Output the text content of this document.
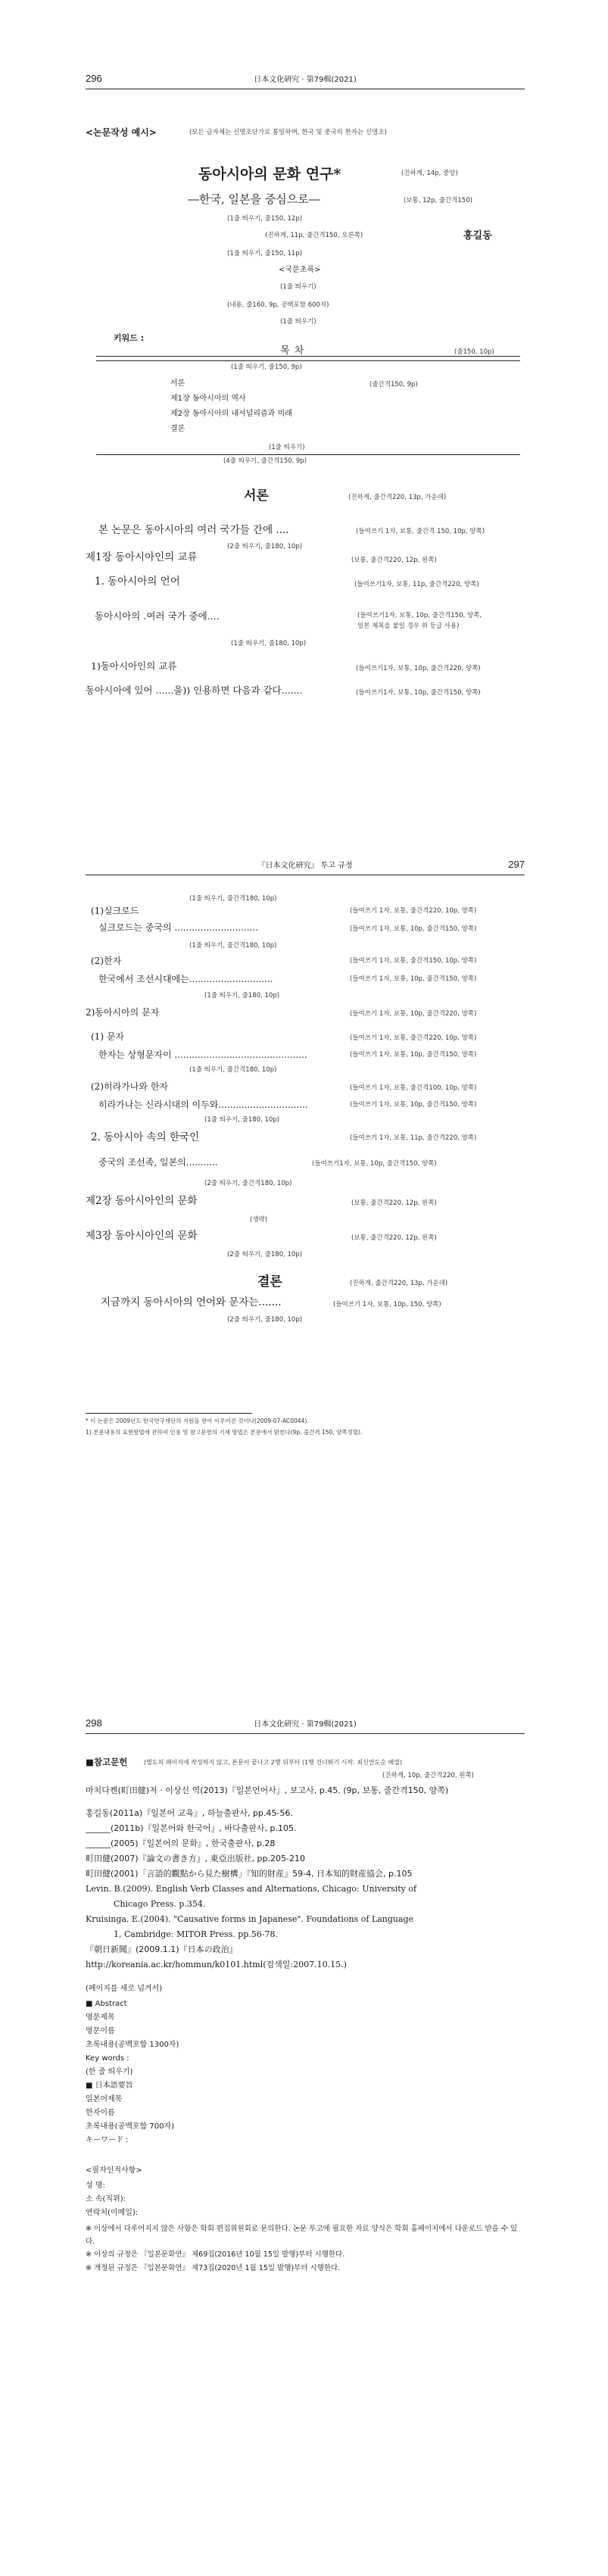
296	日本文化硏究 · 第79輯(2021)
<논문작성 예시>	(모든 글자체는 신명조단가로 통일하며, 한국 및 중국의 한자는 신명조)
동아시아의 문화 연구*	(진하게, 14p, 중앙)
―한국, 일본을 중심으로―	(보통, 12p, 줄간격150)
(1줄 띄우기, 줄150, 12p)
(진하게, 11p, 줄간격150, 오른쪽)	홍길동
(1줄 띄우기, 줄150, 11p)
<국문초록>
(1줄 띄우기)
(내용, 줄160, 9p, 공백포함 600자)
(1줄 띄우기)
키워드 :
목 차	(줄150, 10p)
(1줄 띄우기, 줄150, 9p)
서론	(줄간격150, 9p)
제1장 동아시아의 역사
제2장 동아시아의 내셔널리즘과 미래
결론
(1줄 띄우기)
(4줄 띄우기, 줄간격150, 9p)
서론	(진하게, 줄간격220, 13p, 가운데)
본 논문은 동아시아의 여러 국가들 간에 ....	(들여쓰기 1자, 보통, 줄간격 150, 10p, 양쪽)
(2줄 띄우기, 줄180, 10p)
제1장 동아시아인의 교류	(보통, 줄간격220, 12p, 왼쪽)
1. 동아시아의 언어	(들여쓰기1자, 보통, 11p, 줄간격220, 양쪽)
동아시아의 .여러 국가 중에....	(들여쓰기1자, 보통, 10p, 줄간격150, 양쪽,
일본 제목을 붙일 경우 위 등급 사용)
(1줄 띄우기, 줄180, 10p)
1)동아시아인의 교류	(들여쓰기1자, 보통, 10p, 줄간격220, 양쪽)
동아시아에 있어 ......을)) 인용하면 다음과 같다.......	(들여쓰기1자, 보통, 10p, 줄간격150, 양쪽)
『日本文化硏究』 투고 규정	297
(1줄 띄우기, 줄간격180, 10p)
(1)실크로드	(들여쓰기 1자, 보통, 줄간격220, 10p, 양쪽)
실크로드는 중국의 .............................	(들여쓰기 1자, 보통, 10p, 줄간격150, 양쪽)
(1줄 띄우기, 줄간격180, 10p)
(2)한자	(들여쓰기 1자, 보통, 줄간격150, 10p, 양쪽)
한국에서 조선시대에는.............................	(들여쓰기 1자, 보통, 10p, 줄간격150, 양쪽)
(1줄 띄우기, 줄180, 10p)
2)동아시아의 문자	(들여쓰기 1자, 보통, 10p, 줄간격220, 양쪽)
(1) 문자	(들여쓰기 1자, 보통, 줄간격220, 10p, 양쪽)
한자는 상형문자이 ..............................................	(들여쓰기 1자, 보통, 10p, 줄간격150, 양쪽)
(1줄 띄우기, 줄간격180, 10p)
(2)히라가나와 한자	(들여쓰기 1자, 보통, 줄간격100, 10p, 양쪽)
히라가나는 신라시대의 이두와...............................	(들여쓰기 1자, 보통, 10p, 줄간격150, 양쪽)
(1줄 띄우기, 줄180, 10p)
2. 동아시아 속의 한국인	(들여쓰기 1자, 보통, 11p, 줄간격220, 양쪽)
중국의 조선족, 일본의...........	(들여쓰기1자, 보통, 10p, 줄간격150, 양쪽)
(2줄 띄우기, 줄간격180, 10p)
제2장 동아시아인의 문화	(보통, 줄간격220, 12p, 왼쪽)
(생략)
제3장 동아시아인의 문화	(보통, 줄간격220, 12p, 왼쪽)
(2줄 띄우기, 줄180, 10p)
결론	(진하게, 줄간격220, 13p, 가운데)
지금까지 동아시아의 언어와 문자는.......	(들여쓰기 1자, 보통, 10p, 150, 양쪽)
(2줄 띄우기, 줄180, 10p)
* 이 논문은 2009년도 한국연구재단의 지원을 받아 이루어진 것이다(2009-07-AC0044).
1) 본문내용의 표현방법에 관하여 인용 및 참고문헌의 기재 방법은 본문에서 밝힌다(9p, 줄간격 150, 양쪽정렬).
298	日本文化硏究 · 第79輯(2021)
■참고문헌	(별도의 페이지에 작성하지 않고, 본문이 끝나고 2행 뒤부터 (1행 건너뛰기 시작. 최신연도순 배열)
(진하게, 10p, 줄간격220, 왼쪽)
마치다켄(町田健)저 · 이상신 역(2013)『일본언어사』, 보고사, p.45. (9p, 보통, 줄간격150, 양쪽)
홍길동(2011a)『일본어 교육』, 하늘출판사, pp.45-56.
______(2011b)『일본어와 한국어』, 바다출판사, p.105.
______(2005)『일본어의 문화』, 한국출판사, p.28
町田健(2007)『論文の書き方』, 東亞出版社, pp.205-210
町田健(2001)「言語的觀點から見た樹構」『知的財産』59-4, 日本知的財産協会, p.105
Levin. B.(2009). English Verb Classes and Alternations, Chicago: University of
Chicago Press. p.354.
Kruisinga. E.(2004). "Causative forms in Japanese". Foundations of Language
1, Cambridge: MITOR Press. pp.56-78.
『朝日新聞』(2009.1.1)『日本の政治』
http://koreania.ac.kr/hommun/k0101.html(검색일:2007.10.15.)
(페이지를 새로 넘겨서)
■ Abstract
영문제목
영문이름
초록내용(공백포함 1300자)
Key words :
(한 줄 띄우기)
■ 日本語要旨
일본어제목
한자이름
초록내용(공백포함 700자)
キーワード :
<필자인적사항>
성 명:
소 속(직위):
연락처(이메일):
※ 이상에서 다루어지지 않은 사항은 학회 편집위원회로 문의한다. 논문 투고에 필요한 자료 양식은 학회 홈페이지에서 다운로드 받을 수 있다.
※ 이상의 규정은 『일본문화연』 제69집(2016년 10월 15일 발행)부터 시행한다.
※ 개정된 규정은 『일본문화연』 제73집(2020년 1월 15일 발행)부터 시행한다.
